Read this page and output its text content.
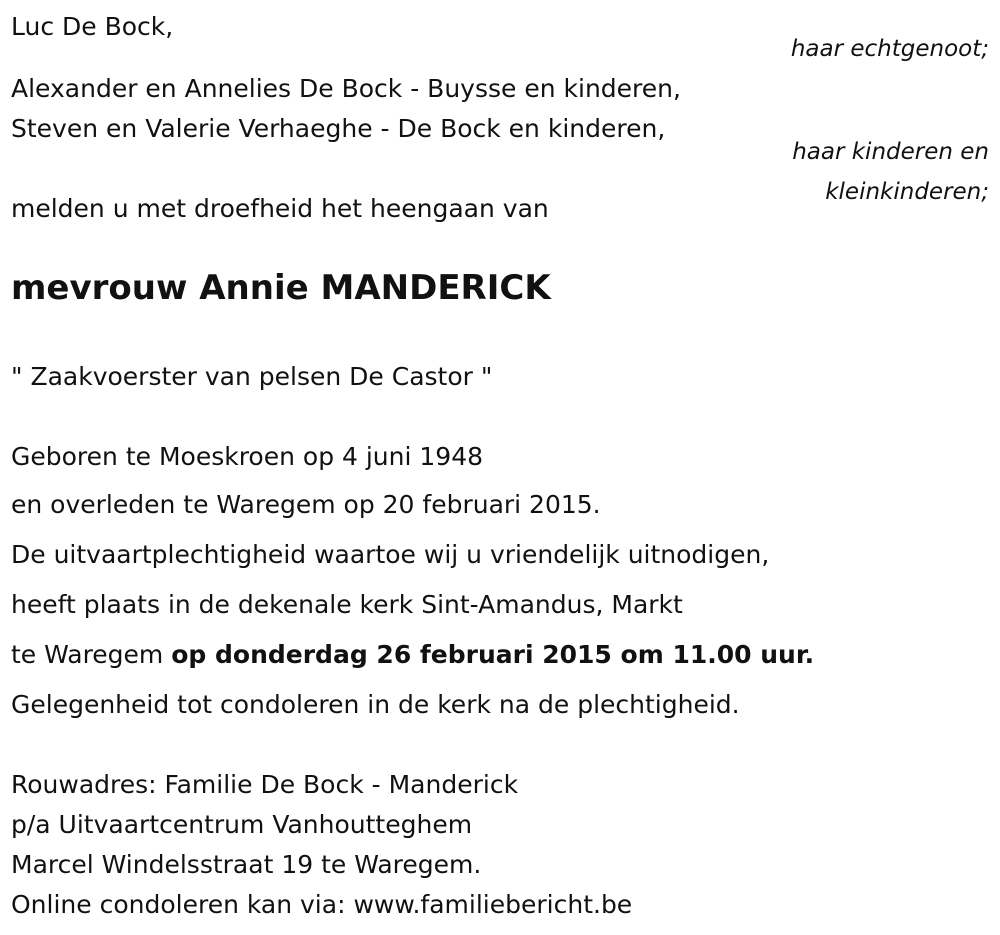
Luc De Bock,
haar echtgenoot;
Alexander en Annelies De Bock - Buysse en kinderen,
Steven en Valerie Verhaeghe - De Bock en kinderen,
haar kinderen en
kleinkinderen;
melden u met droefheid het heengaan van
mevrouw Annie MANDERICK
" Zaakvoerster van pelsen De Castor "
Geboren te Moeskroen op 4 juni 1948
en overleden te Waregem op 20 februari 2015.
De uitvaartplechtigheid waartoe wij u vriendelijk uitnodigen,
heeft plaats in de dekenale kerk Sint-Amandus, Markt
te Waregem op donderdag 26 februari 2015 om 11.00 uur.
Gelegenheid tot condoleren in de kerk na de plechtigheid.
Rouwadres: Familie De Bock - Manderick
p/a Uitvaartcentrum Vanhoutteghem
Marcel Windelsstraat 19 te Waregem.
Online condoleren kan via: www.familiebericht.be
